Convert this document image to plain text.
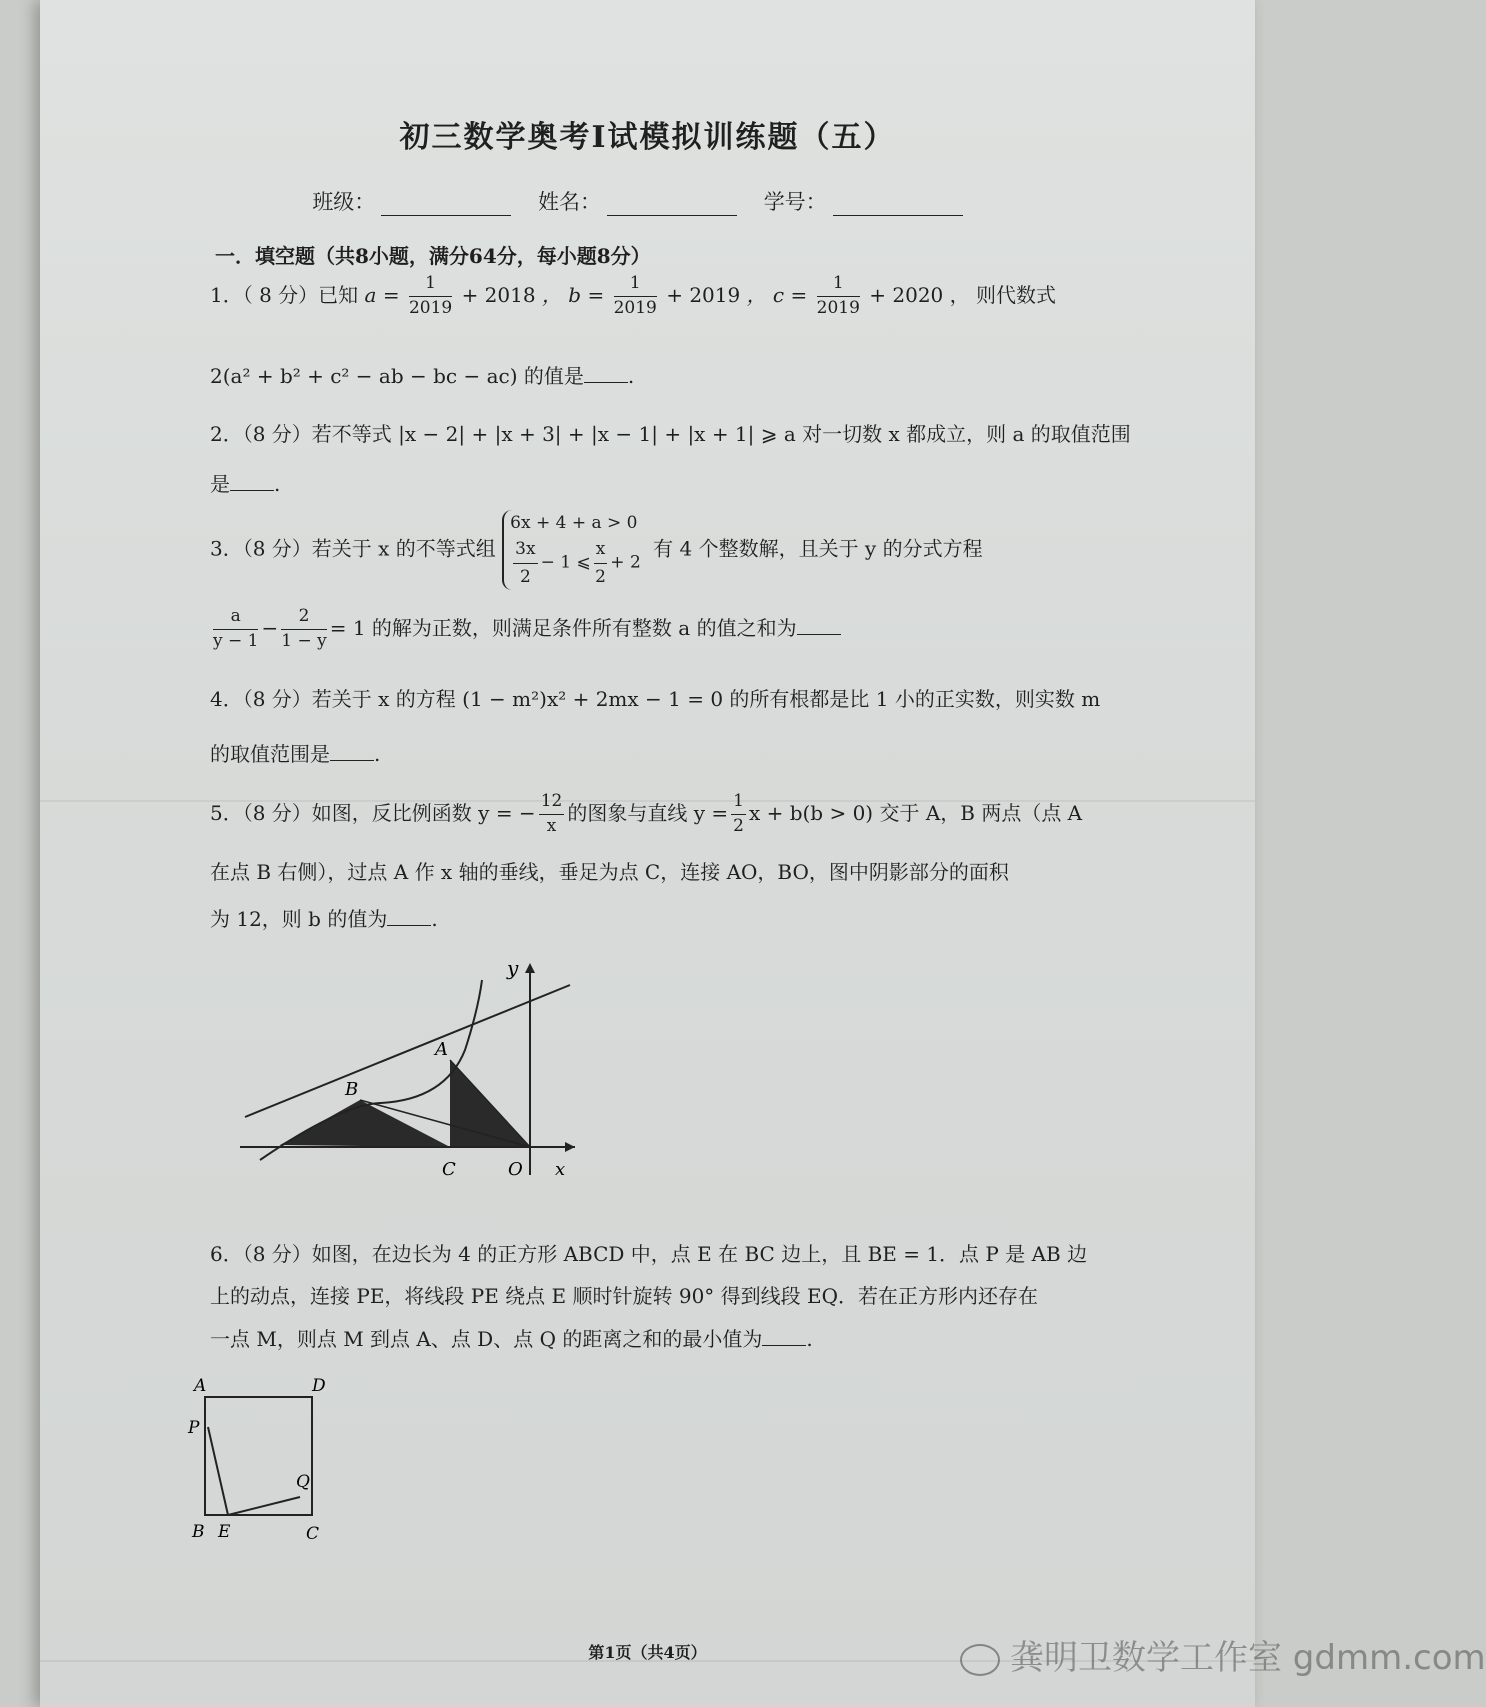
初三数学奥考Ⅰ试模拟训练题（五）
班级：	姓名：	学号：
一．填空题（共8小题，满分64分，每小题8分）
1．（ 8 分）已知 $a = \frac{1}{2019} + 2018$ ， $b = \frac{1}{2019} + 2019$ ， $c = \frac{1}{2019} + 2020$ ， 则代数式
2(a² + b² + c² − ab − bc − ac) 的值是 .
2．（8 分）若不等式 |x − 2| + |x + 3| + |x − 1| + |x + 1| ⩾ a 对一切数 x 都成立，则 a 的取值范围
是 .
3．（8 分）若关于 x 的不等式组 6x + 4 + a > 0

$\frac{3x}{2} - 1$ ⩽ $\frac{x}{2} + 2$ 有 4 个整数解，且关于 y 的分式方程
$\frac{a}{y - 1} - \frac{2}{1 - y} = 1$ 的解为正数，则满足条件所有整数 a 的值之和为
4．（8 分）若关于 x 的方程 (1 − m²)x² + 2mx − 1 = 0 的所有根都是比 1 小的正实数，则实数 m
的取值范围是 .
5．（8 分）如图，反比例函数 y = − $\frac{12}{x}$ 的图象与直线 $y = \frac{1}{2}$ x + b(b > 0) 交于 A，B 两点（点 A
在点 B 右侧），过点 A 作 x 轴的垂线，垂足为点 C，连接 AO，BO，图中阴影部分的面积
为 12，则 b 的值为 .
y
A
B
C	O x
6．（8 分）如图，在边长为 4 的正方形 ABCD 中，点 E 在 BC 边上，且 BE = 1．点 P 是 AB 边
上的动点，连接 PE，将线段 PE 绕点 E 顺时针旋转 90° 得到线段 EQ．若在正方形内还存在
一点 M，则点 M 到点 A、点 D、点 Q 的距离之和的最小值为 .
A	D
P
Q
B E	C
第1页（共4页）	龚明卫数学工作室 gdmm.com
